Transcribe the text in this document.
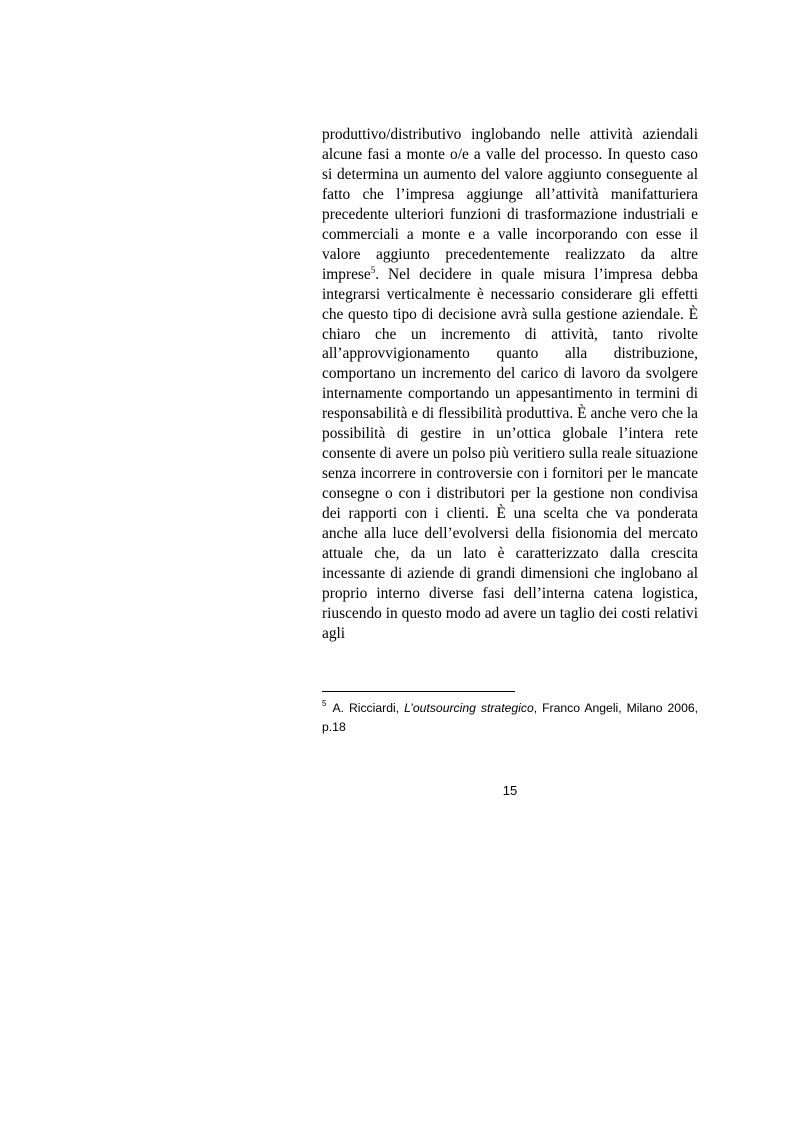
produttivo/distributivo inglobando nelle attività aziendali alcune fasi a monte o/e a valle del processo. In questo caso si determina un aumento del valore aggiunto conseguente al fatto che l’impresa aggiunge all’attività manifatturiera precedente ulteriori funzioni di trasformazione industriali e commerciali a monte e a valle incorporando con esse il valore aggiunto precedentemente realizzato da altre imprese$^5$. Nel decidere in quale misura l’impresa debba integrarsi verticalmente è necessario considerare gli effetti che questo tipo di decisione avrà sulla gestione aziendale. È chiaro che un incremento di attività, tanto rivolte all’approvvigionamento quanto alla distribuzione, comportano un incremento del carico di lavoro da svolgere internamente comportando un appesantimento in termini di responsabilità e di flessibilità produttiva. È anche vero che la possibilità di gestire in un’ottica globale l’intera rete consente di avere un polso più veritiero sulla reale situazione senza incorrere in controversie con i fornitori per le mancate consegne o con i distributori per la gestione non condivisa dei rapporti con i clienti. È una scelta che va ponderata anche alla luce dell’evolversi della fisionomia del mercato attuale che, da un lato è caratterizzato dalla crescita incessante di aziende di grandi dimensioni che inglobano al proprio interno diverse fasi dell’interna catena logistica, riuscendo in questo modo ad avere un taglio dei costi relativi agli

$^5$ A. Ricciardi, L’outsourcing strategico, Franco Angeli, Milano 2006, p.18

15
